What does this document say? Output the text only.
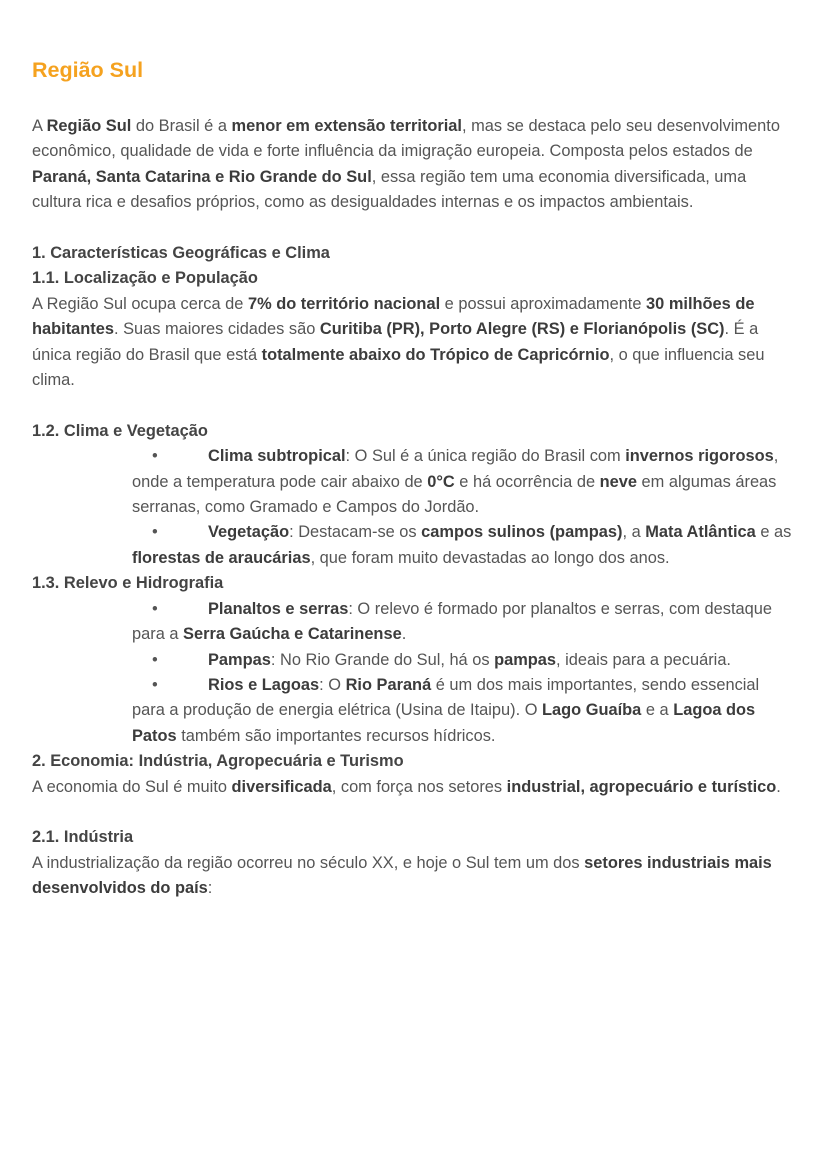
Região Sul

A Região Sul do Brasil é a menor em extensão territorial, mas se destaca pelo seu desenvolvimento econômico, qualidade de vida e forte influência da imigração europeia. Composta pelos estados de Paraná, Santa Catarina e Rio Grande do Sul, essa região tem uma economia diversificada, uma cultura rica e desafios próprios, como as desigualdades internas e os impactos ambientais.

1. Características Geográficas e Clima

1.1. Localização e População

A Região Sul ocupa cerca de 7% do território nacional e possui aproximadamente 30 milhões de habitantes. Suas maiores cidades são Curitiba (PR), Porto Alegre (RS) e Florianópolis (SC). É a única região do Brasil que está totalmente abaixo do Trópico de Capricórnio, o que influencia seu clima.

1.2. Clima e Vegetação

•	Clima subtropical: O Sul é a única região do Brasil com invernos rigorosos, onde a temperatura pode cair abaixo de 0°C e há ocorrência de neve em algumas áreas serranas, como Gramado e Campos do Jordão.
•	Vegetação: Destacam-se os campos sulinos (pampas), a Mata Atlântica e as florestas de araucárias, que foram muito devastadas ao longo dos anos.

1.3. Relevo e Hidrografia

•	Planaltos e serras: O relevo é formado por planaltos e serras, com destaque para a Serra Gaúcha e Catarinense.
•	Pampas: No Rio Grande do Sul, há os pampas, ideais para a pecuária.
•	Rios e Lagoas: O Rio Paraná é um dos mais importantes, sendo essencial para a produção de energia elétrica (Usina de Itaipu). O Lago Guaíba e a Lagoa dos Patos também são importantes recursos hídricos.

2. Economia: Indústria, Agropecuária e Turismo

A economia do Sul é muito diversificada, com força nos setores industrial, agropecuário e turístico.

2.1. Indústria

A industrialização da região ocorreu no século XX, e hoje o Sul tem um dos setores industriais mais desenvolvidos do país:
